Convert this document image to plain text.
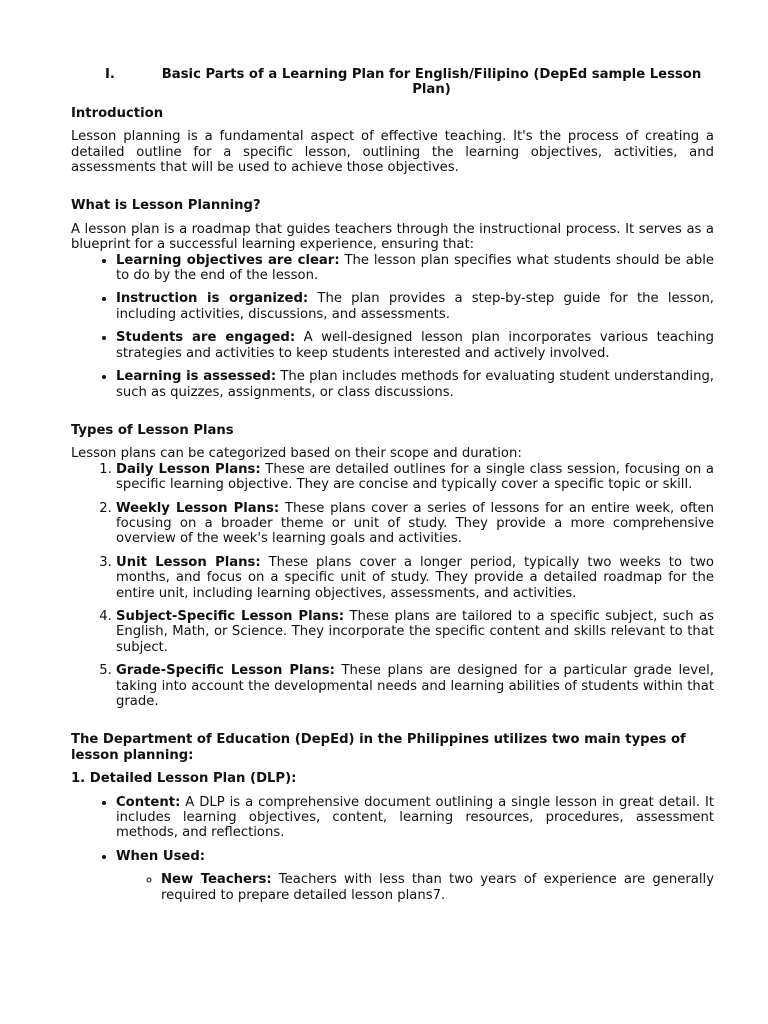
I.	Basic Parts of a Learning Plan for English/Filipino (DepEd sample Lesson Plan)
Introduction

Lesson planning is a fundamental aspect of effective teaching. It's the process of creating a detailed outline for a specific lesson, outlining the learning objectives, activities, and assessments that will be used to achieve those objectives.

What is Lesson Planning?

A lesson plan is a roadmap that guides teachers through the instructional process. It serves as a blueprint for a successful learning experience, ensuring that:

• Learning objectives are clear: The lesson plan specifies what students should be able to do by the end of the lesson.
• Instruction is organized: The plan provides a step-by-step guide for the lesson, including activities, discussions, and assessments.
• Students are engaged: A well-designed lesson plan incorporates various teaching strategies and activities to keep students interested and actively involved.
• Learning is assessed: The plan includes methods for evaluating student understanding, such as quizzes, assignments, or class discussions.
Types of Lesson Plans

Lesson plans can be categorized based on their scope and duration:

1. Daily Lesson Plans: These are detailed outlines for a single class session, focusing on a specific learning objective. They are concise and typically cover a specific topic or skill.
2. Weekly Lesson Plans: These plans cover a series of lessons for an entire week, often focusing on a broader theme or unit of study. They provide a more comprehensive overview of the week's learning goals and activities.
3. Unit Lesson Plans: These plans cover a longer period, typically two weeks to two months, and focus on a specific unit of study. They provide a detailed roadmap for the entire unit, including learning objectives, assessments, and activities.
4. Subject-Specific Lesson Plans: These plans are tailored to a specific subject, such as English, Math, or Science. They incorporate the specific content and skills relevant to that subject.
5. Grade-Specific Lesson Plans: These plans are designed for a particular grade level, taking into account the developmental needs and learning abilities of students within that grade.
The Department of Education (DepEd) in the Philippines utilizes two main types of lesson planning:
1. Detailed Lesson Plan (DLP):
• Content: A DLP is a comprehensive document outlining a single lesson in great detail. It includes learning objectives, content, learning resources, procedures, assessment methods, and reflections.
• When Used:
◦ New Teachers: Teachers with less than two years of experience are generally required to prepare detailed lesson plans7.
